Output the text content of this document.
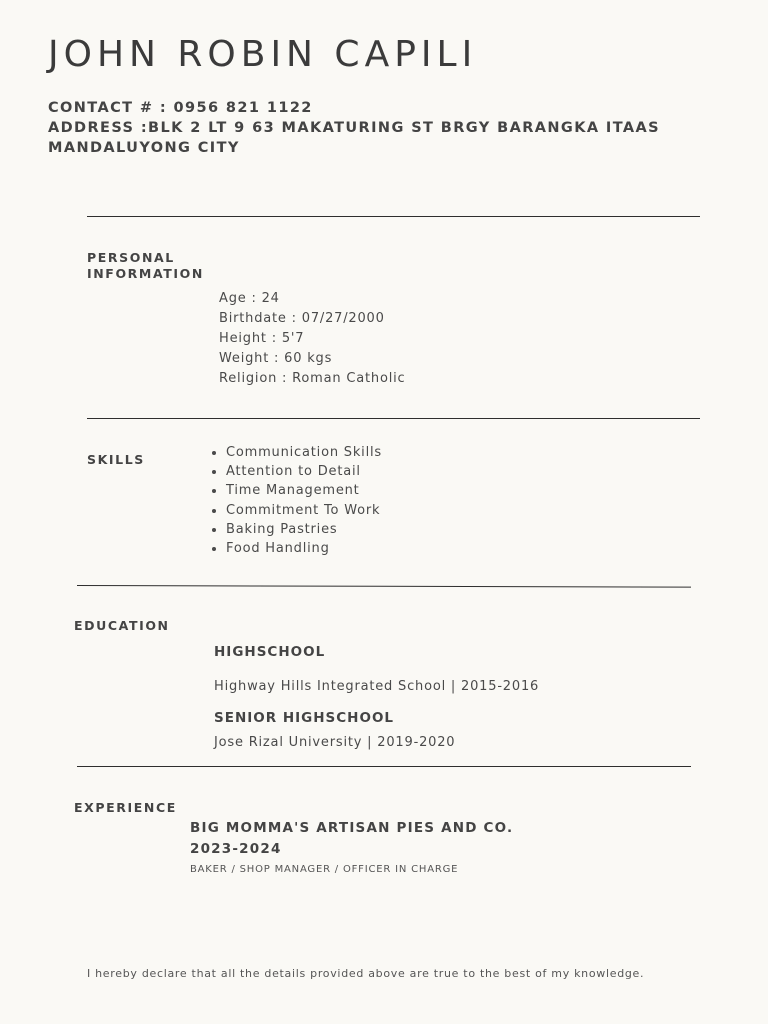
JOHN ROBIN CAPILI
CONTACT # : 0956 821 1122
ADDRESS :BLK 2 LT 9 63 MAKATURING ST BRGY BARANGKA ITAAS MANDALUYONG CITY
PERSONAL
INFORMATION
Age : 24
Birthdate : 07/27/2000
Height : 5'7
Weight : 60 kgs
Religion : Roman Catholic
SKILLS
•	Communication Skills
• Attention to Detail
• Time Management
• Commitment To Work
• Baking Pastries
• Food Handling
EDUCATION
HIGHSCHOOL
Highway Hills Integrated School | 2015-2016
SENIOR HIGHSCHOOL
Jose Rizal University | 2019-2020
EXPERIENCE
BIG MOMMA'S ARTISAN PIES AND CO.
2023-2024
BAKER / SHOP MANAGER / OFFICER IN CHARGE
I hereby declare that all the details provided above are true to the best of my knowledge.
